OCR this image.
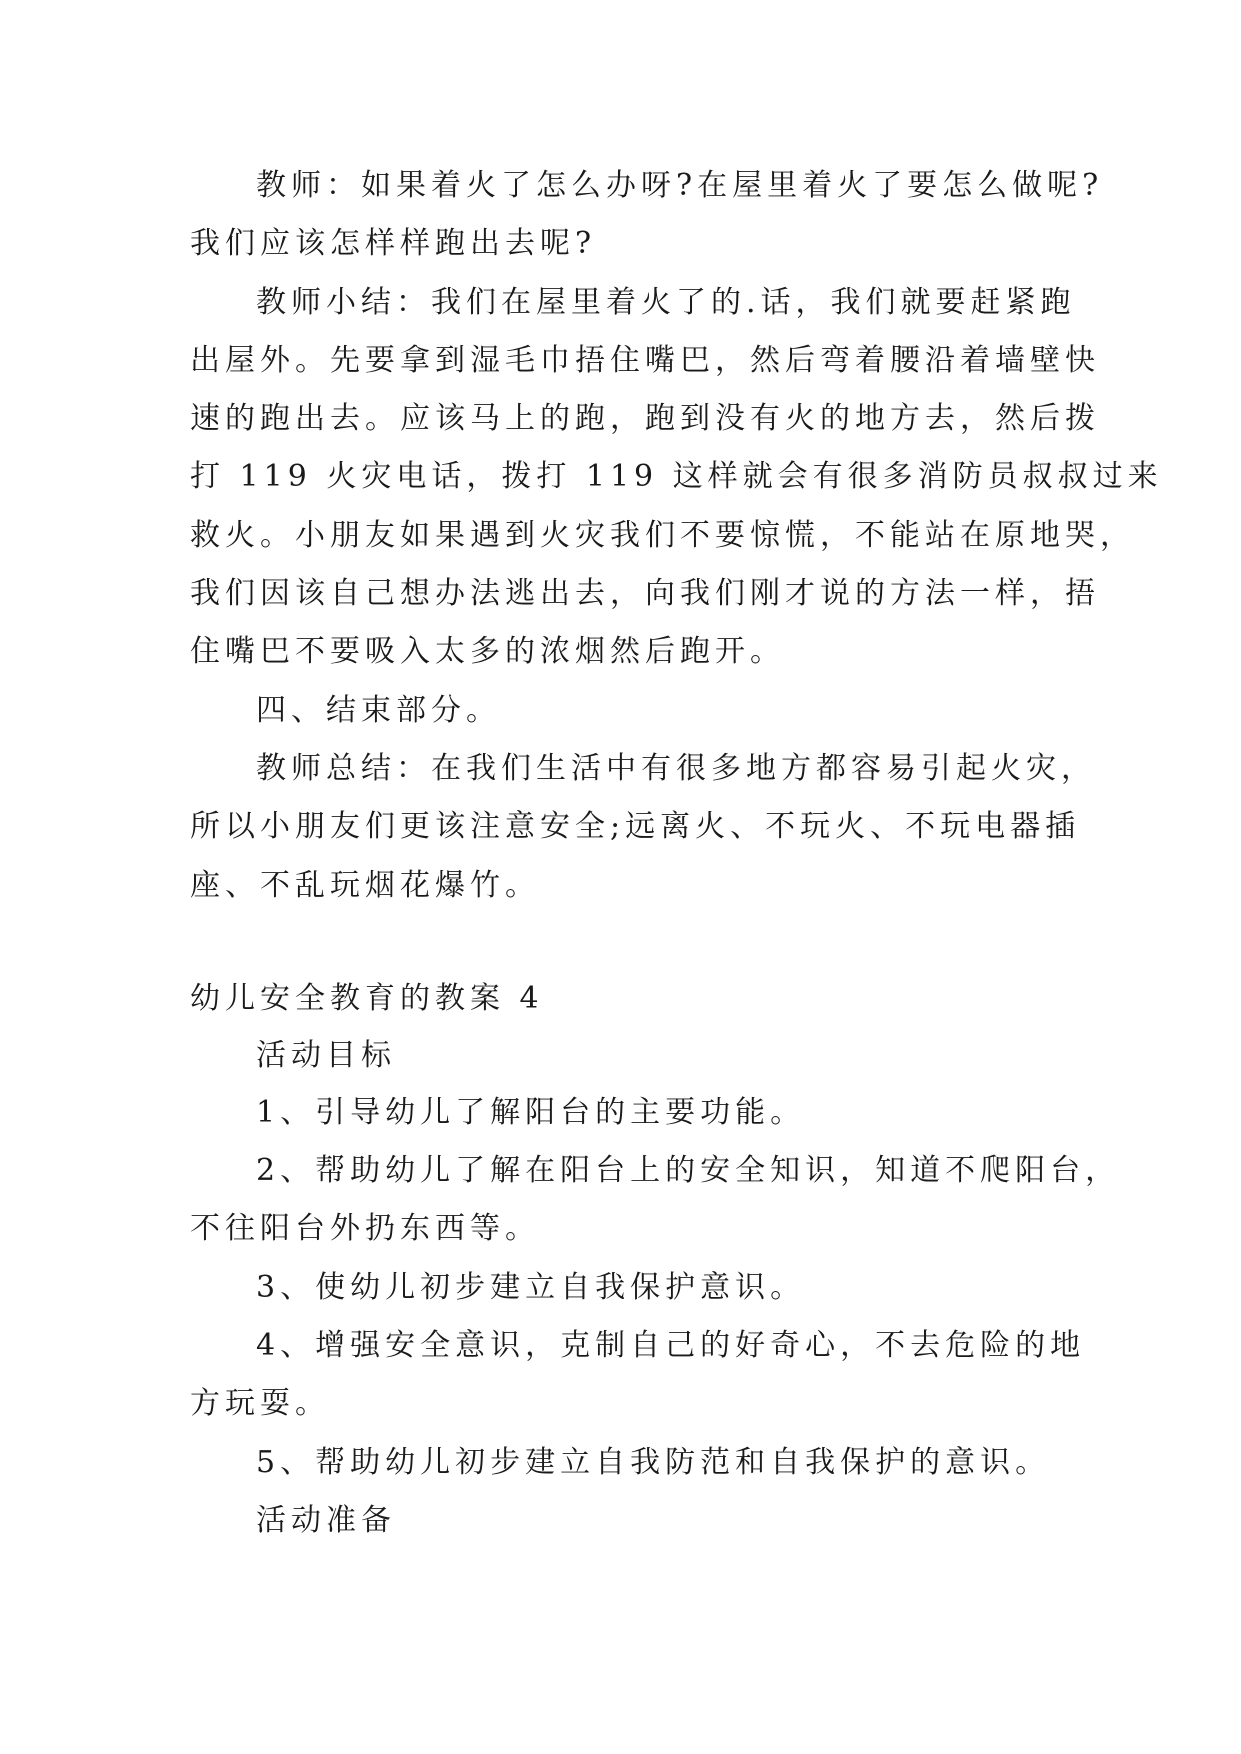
教师：如果着火了怎么办呀?在屋里着火了要怎么做呢?
我们应该怎样样跑出去呢?
教师小结：我们在屋里着火了的.话，我们就要赶紧跑
出屋外。先要拿到湿毛巾捂住嘴巴，然后弯着腰沿着墙壁快
速的跑出去。应该马上的跑，跑到没有火的地方去，然后拨
打 119 火灾电话，拨打 119 这样就会有很多消防员叔叔过来
救火。小朋友如果遇到火灾我们不要惊慌，不能站在原地哭，
我们因该自己想办法逃出去，向我们刚才说的方法一样，捂
住嘴巴不要吸入太多的浓烟然后跑开。
四、结束部分。
教师总结：在我们生活中有很多地方都容易引起火灾，
所以小朋友们更该注意安全;远离火、不玩火、不玩电器插
座、不乱玩烟花爆竹。
幼儿安全教育的教案 4
活动目标
1、引导幼儿了解阳台的主要功能。
2、帮助幼儿了解在阳台上的安全知识，知道不爬阳台，
不往阳台外扔东西等。
3、使幼儿初步建立自我保护意识。
4、增强安全意识，克制自己的好奇心，不去危险的地
方玩耍。
5、帮助幼儿初步建立自我防范和自我保护的意识。
活动准备
